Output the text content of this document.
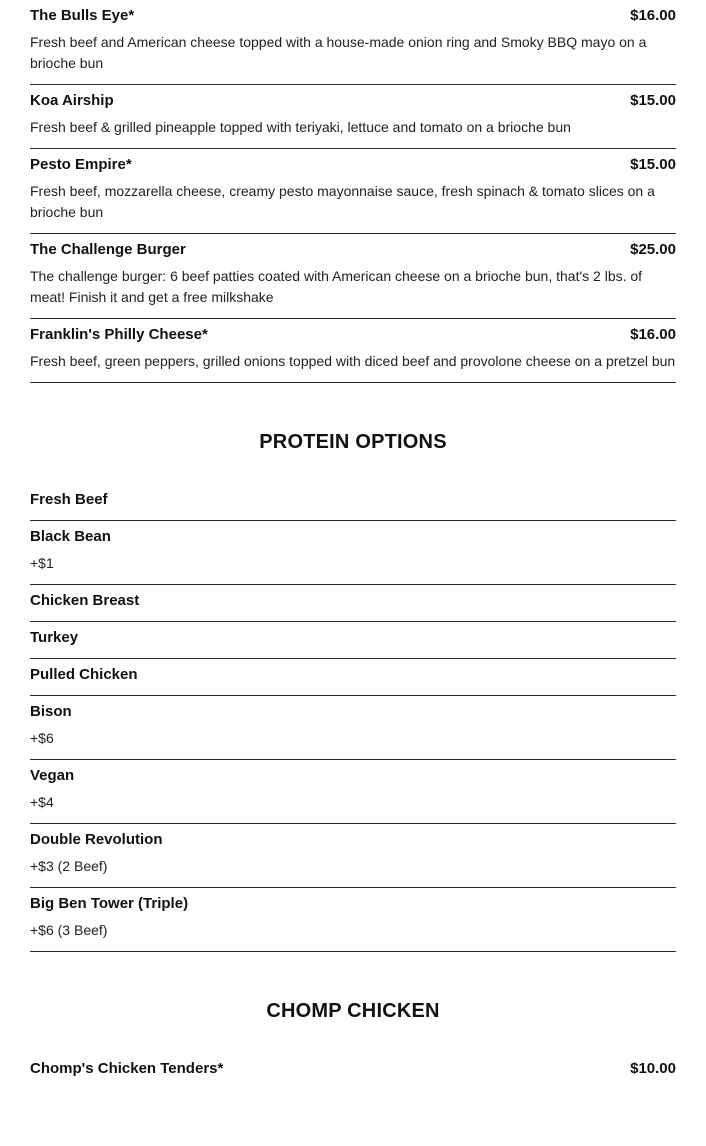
The Bulls Eye*	$16.00
Fresh beef and American cheese topped with a house-made onion ring and Smoky BBQ mayo on a brioche bun
Koa Airship	$15.00
Fresh beef & grilled pineapple topped with teriyaki, lettuce and tomato on a brioche bun
Pesto Empire*	$15.00
Fresh beef, mozzarella cheese, creamy pesto mayonnaise sauce, fresh spinach & tomato slices on a brioche bun
The Challenge Burger	$25.00
The challenge burger: 6 beef patties coated with American cheese on a brioche bun, that's 2 lbs. of meat! Finish it and get a free milkshake
Franklin's Philly Cheese*	$16.00
Fresh beef, green peppers, grilled onions topped with diced beef and provolone cheese on a pretzel bun
PROTEIN OPTIONS
Fresh Beef
Black Bean
+$1
Chicken Breast
Turkey
Pulled Chicken
Bison
+$6
Vegan
+$4
Double Revolution
+$3 (2 Beef)
Big Ben Tower (Triple)
+$6 (3 Beef)
CHOMP CHICKEN
Chomp's Chicken Tenders*	$10.00
